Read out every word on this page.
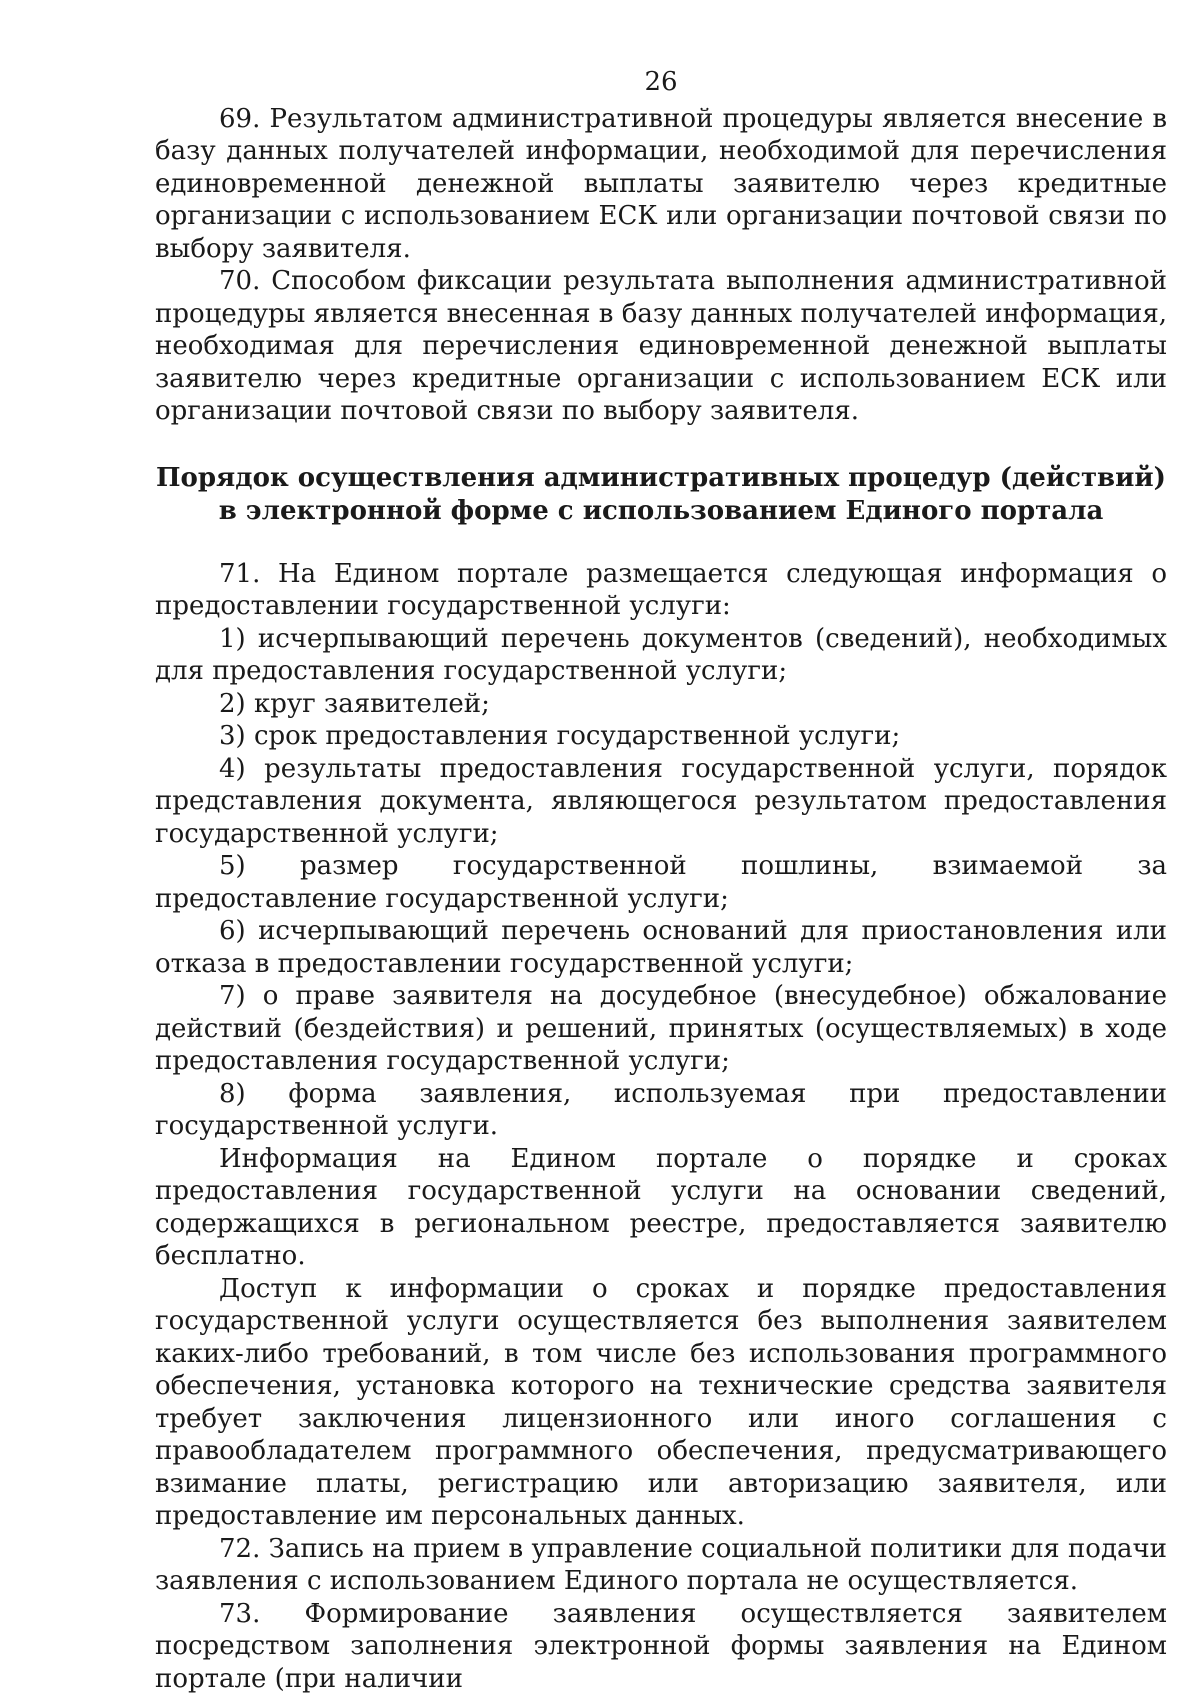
26

69. Результатом административной процедуры является внесение в базу данных получателей информации, необходимой для перечисления единовременной денежной выплаты заявителю через кредитные организации с использованием ЕСК или организации почтовой связи по выбору заявителя.

70. Способом фиксации результата выполнения административной процедуры является внесенная в базу данных получателей информация, необходимая для перечисления единовременной денежной выплаты заявителю через кредитные организации с использованием ЕСК или организации почтовой связи по выбору заявителя.

Порядок осуществления административных процедур (действий)
в электронной форме с использованием Единого портала

71. На Едином портале размещается следующая информация о предоставлении государственной услуги:

1) исчерпывающий перечень документов (сведений), необходимых для предоставления государственной услуги;

2) круг заявителей;

3) срок предоставления государственной услуги;

4) результаты предоставления государственной услуги, порядок представления документа, являющегося результатом предоставления государственной услуги;

5) размер государственной пошлины, взимаемой за предоставление государственной услуги;

6) исчерпывающий перечень оснований для приостановления или отказа в предоставлении государственной услуги;

7) о праве заявителя на досудебное (внесудебное) обжалование действий (бездействия) и решений, принятых (осуществляемых) в ходе предоставления государственной услуги;

8) форма заявления, используемая при предоставлении государственной услуги.

Информация на Едином портале о порядке и сроках предоставления государственной услуги на основании сведений, содержащихся в региональном реестре, предоставляется заявителю бесплатно.

Доступ к информации о сроках и порядке предоставления государственной услуги осуществляется без выполнения заявителем каких-либо требований, в том числе без использования программного обеспечения, установка которого на технические средства заявителя требует заключения лицензионного или иного соглашения с правообладателем программного обеспечения, предусматривающего взимание платы, регистрацию или авторизацию заявителя, или предоставление им персональных данных.

72. Запись на прием в управление социальной политики для подачи заявления с использованием Единого портала не осуществляется.

73. Формирование заявления осуществляется заявителем посредством заполнения электронной формы заявления на Едином портале (при наличии
